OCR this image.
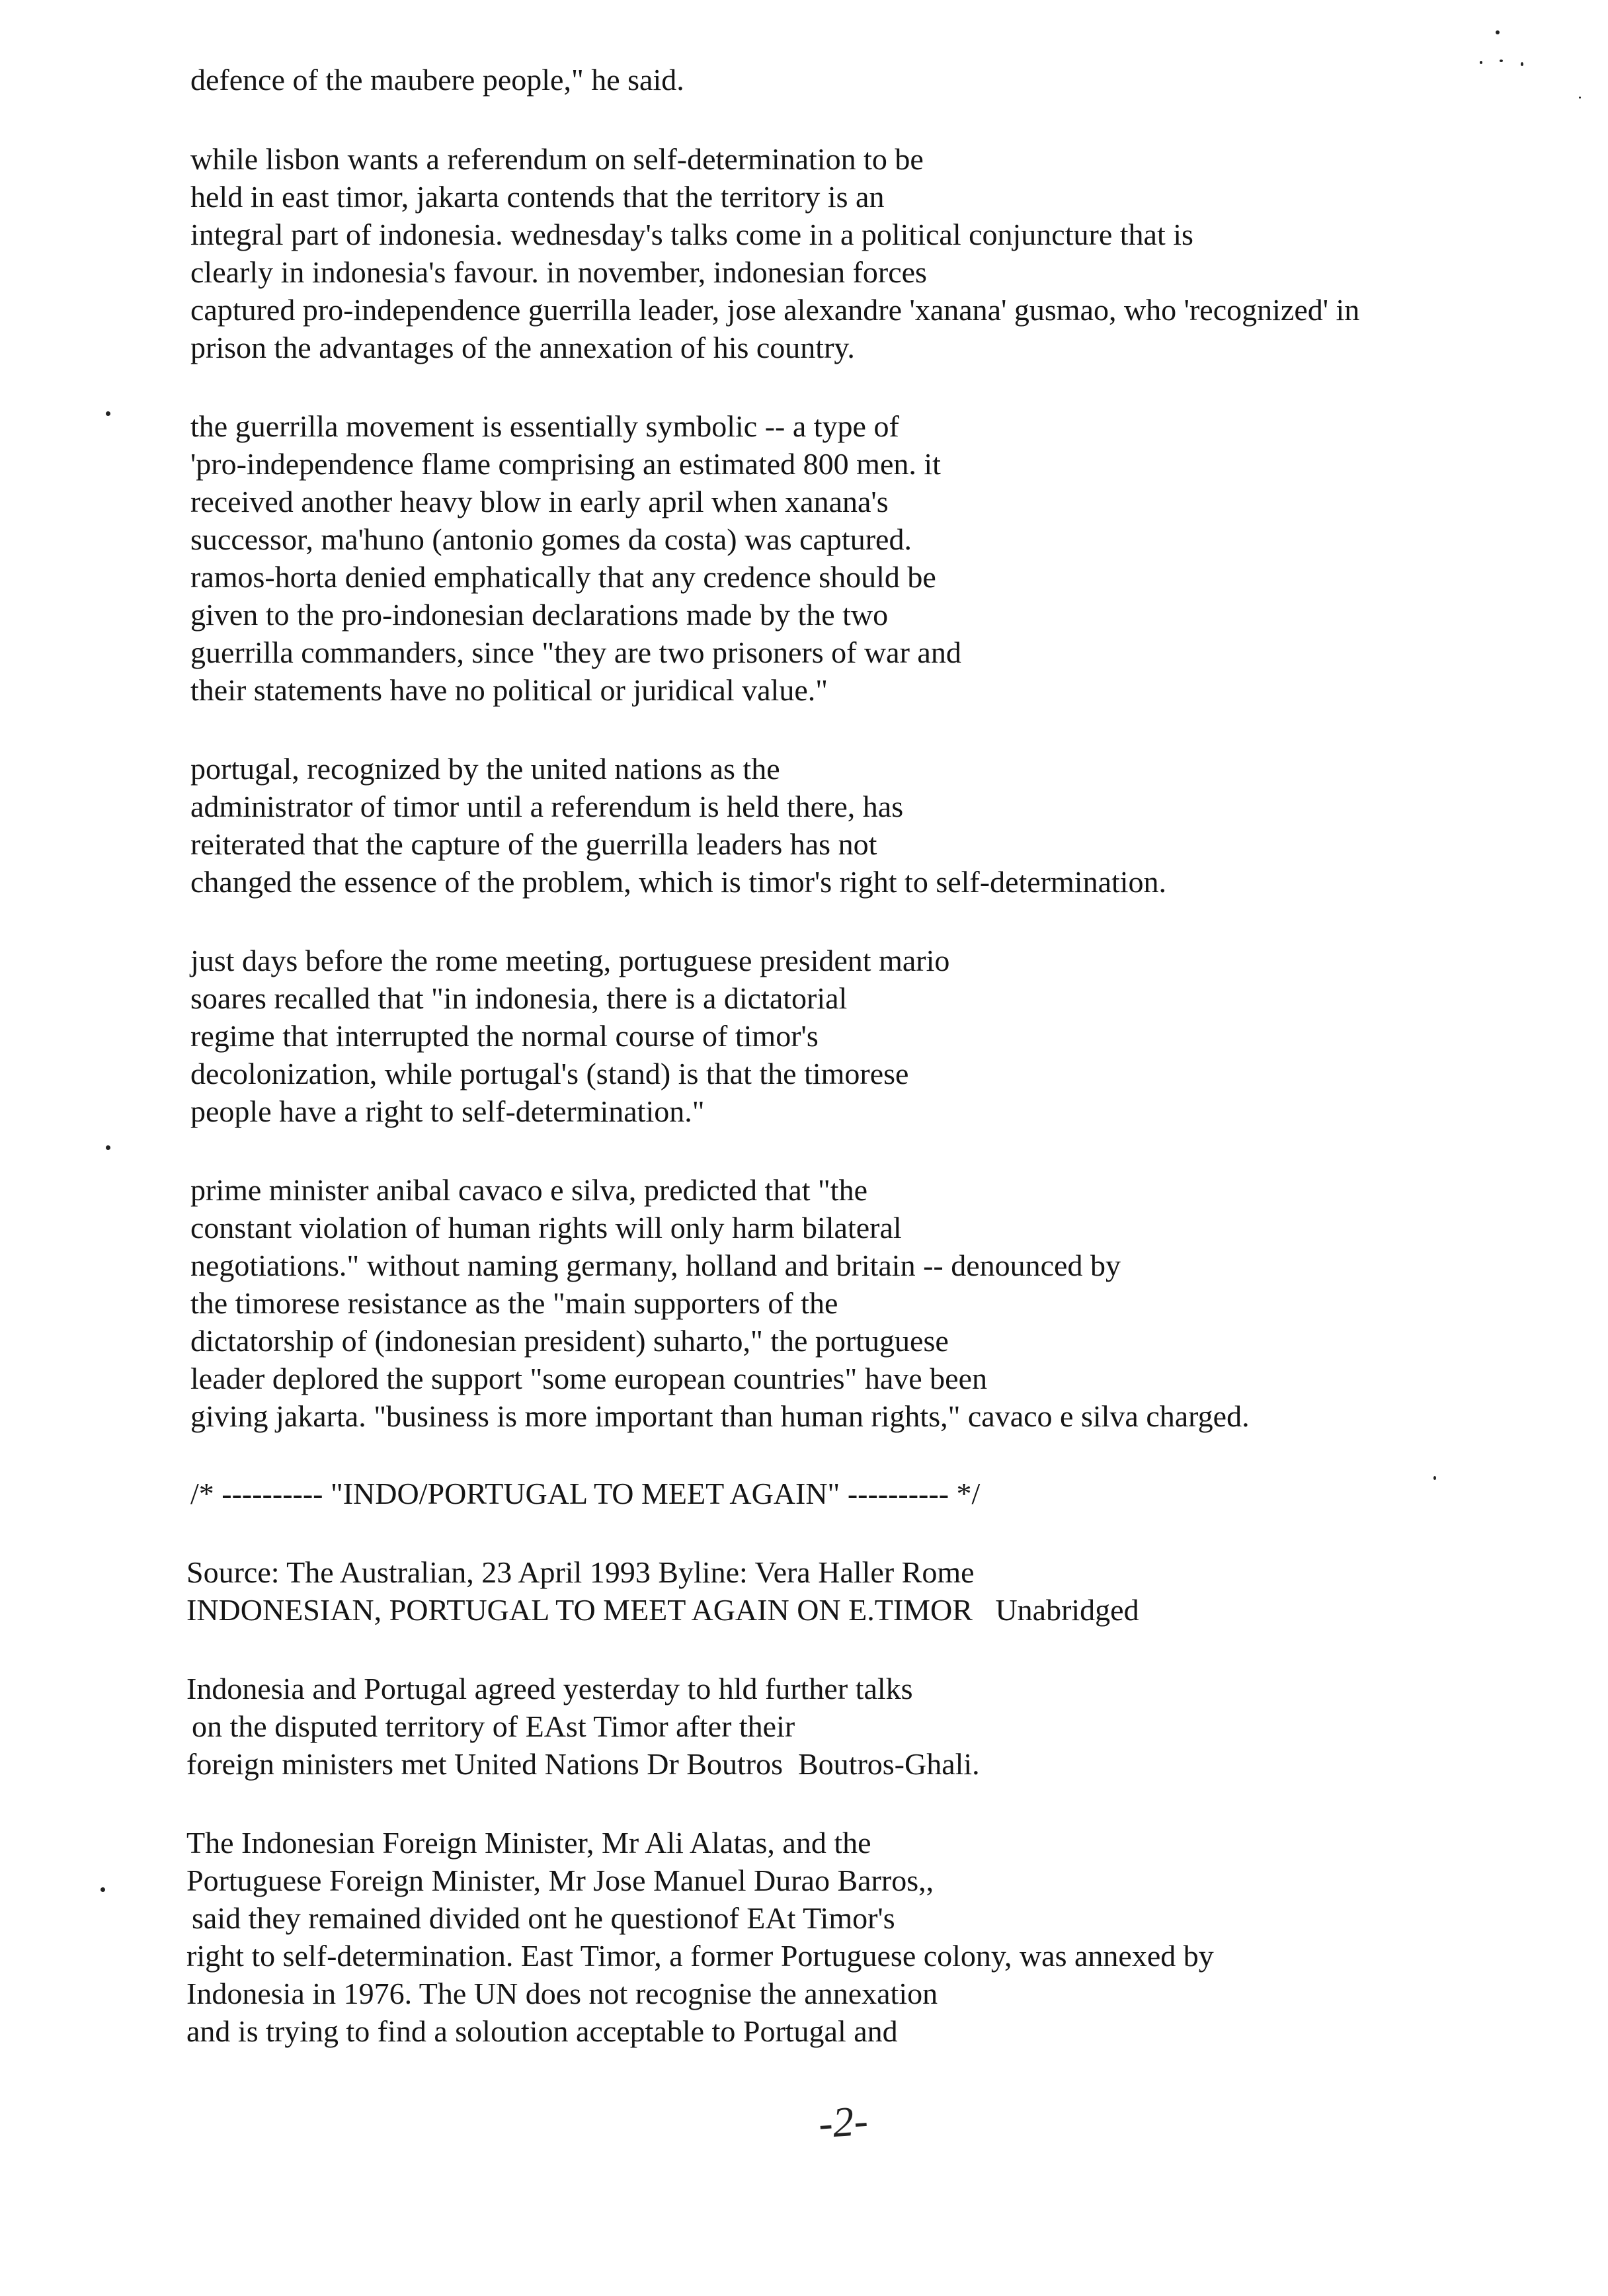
defence of the maubere people," he said.
while lisbon wants a referendum on self-determination to be
held in east timor, jakarta contends that the territory is an
integral part of indonesia. wednesday's talks come in a political conjuncture that is
clearly in indonesia's favour. in november, indonesian forces
captured pro-independence guerrilla leader, jose alexandre 'xanana' gusmao, who 'recognized' in
prison the advantages of the annexation of his country.
the guerrilla movement is essentially symbolic -- a type of
'pro-independence flame comprising an estimated 800 men. it
received another heavy blow in early april when xanana's
successor, ma'huno (antonio gomes da costa) was captured.
ramos-horta denied emphatically that any credence should be
given to the pro-indonesian declarations made by the two
guerrilla commanders, since "they are two prisoners of war and
their statements have no political or juridical value."
portugal, recognized by the united nations as the
administrator of timor until a referendum is held there, has
reiterated that the capture of the guerrilla leaders has not
changed the essence of the problem, which is timor's right to self-determination.
just days before the rome meeting, portuguese president mario
soares recalled that "in indonesia, there is a dictatorial
regime that interrupted the normal course of timor's
decolonization, while portugal's (stand) is that the timorese
people have a right to self-determination."
prime minister anibal cavaco e silva, predicted that "the
constant violation of human rights will only harm bilateral
negotiations." without naming germany, holland and britain -- denounced by
the timorese resistance as the "main supporters of the
dictatorship of (indonesian president) suharto," the portuguese
leader deplored the support "some european countries" have been
giving jakarta. "business is more important than human rights," cavaco e silva charged.
/* ---------- "INDO/PORTUGAL TO MEET AGAIN" ---------- */
Source: The Australian, 23 April 1993 Byline: Vera Haller Rome
INDONESIAN, PORTUGAL TO MEET AGAIN ON E.TIMOR   Unabridged
Indonesia and Portugal agreed yesterday to hld further talks
on the disputed territory of EAst Timor after their
foreign ministers met United Nations Dr Boutros  Boutros-Ghali.
The Indonesian Foreign Minister, Mr Ali Alatas, and the
Portuguese Foreign Minister, Mr Jose Manuel Durao Barros,,
said they remained divided ont he questionof EAt Timor's
right to self-determination. East Timor, a former Portuguese colony, was annexed by
Indonesia in 1976. The UN does not recognise the annexation
and is trying to find a soloution acceptable to Portugal and
-2-
